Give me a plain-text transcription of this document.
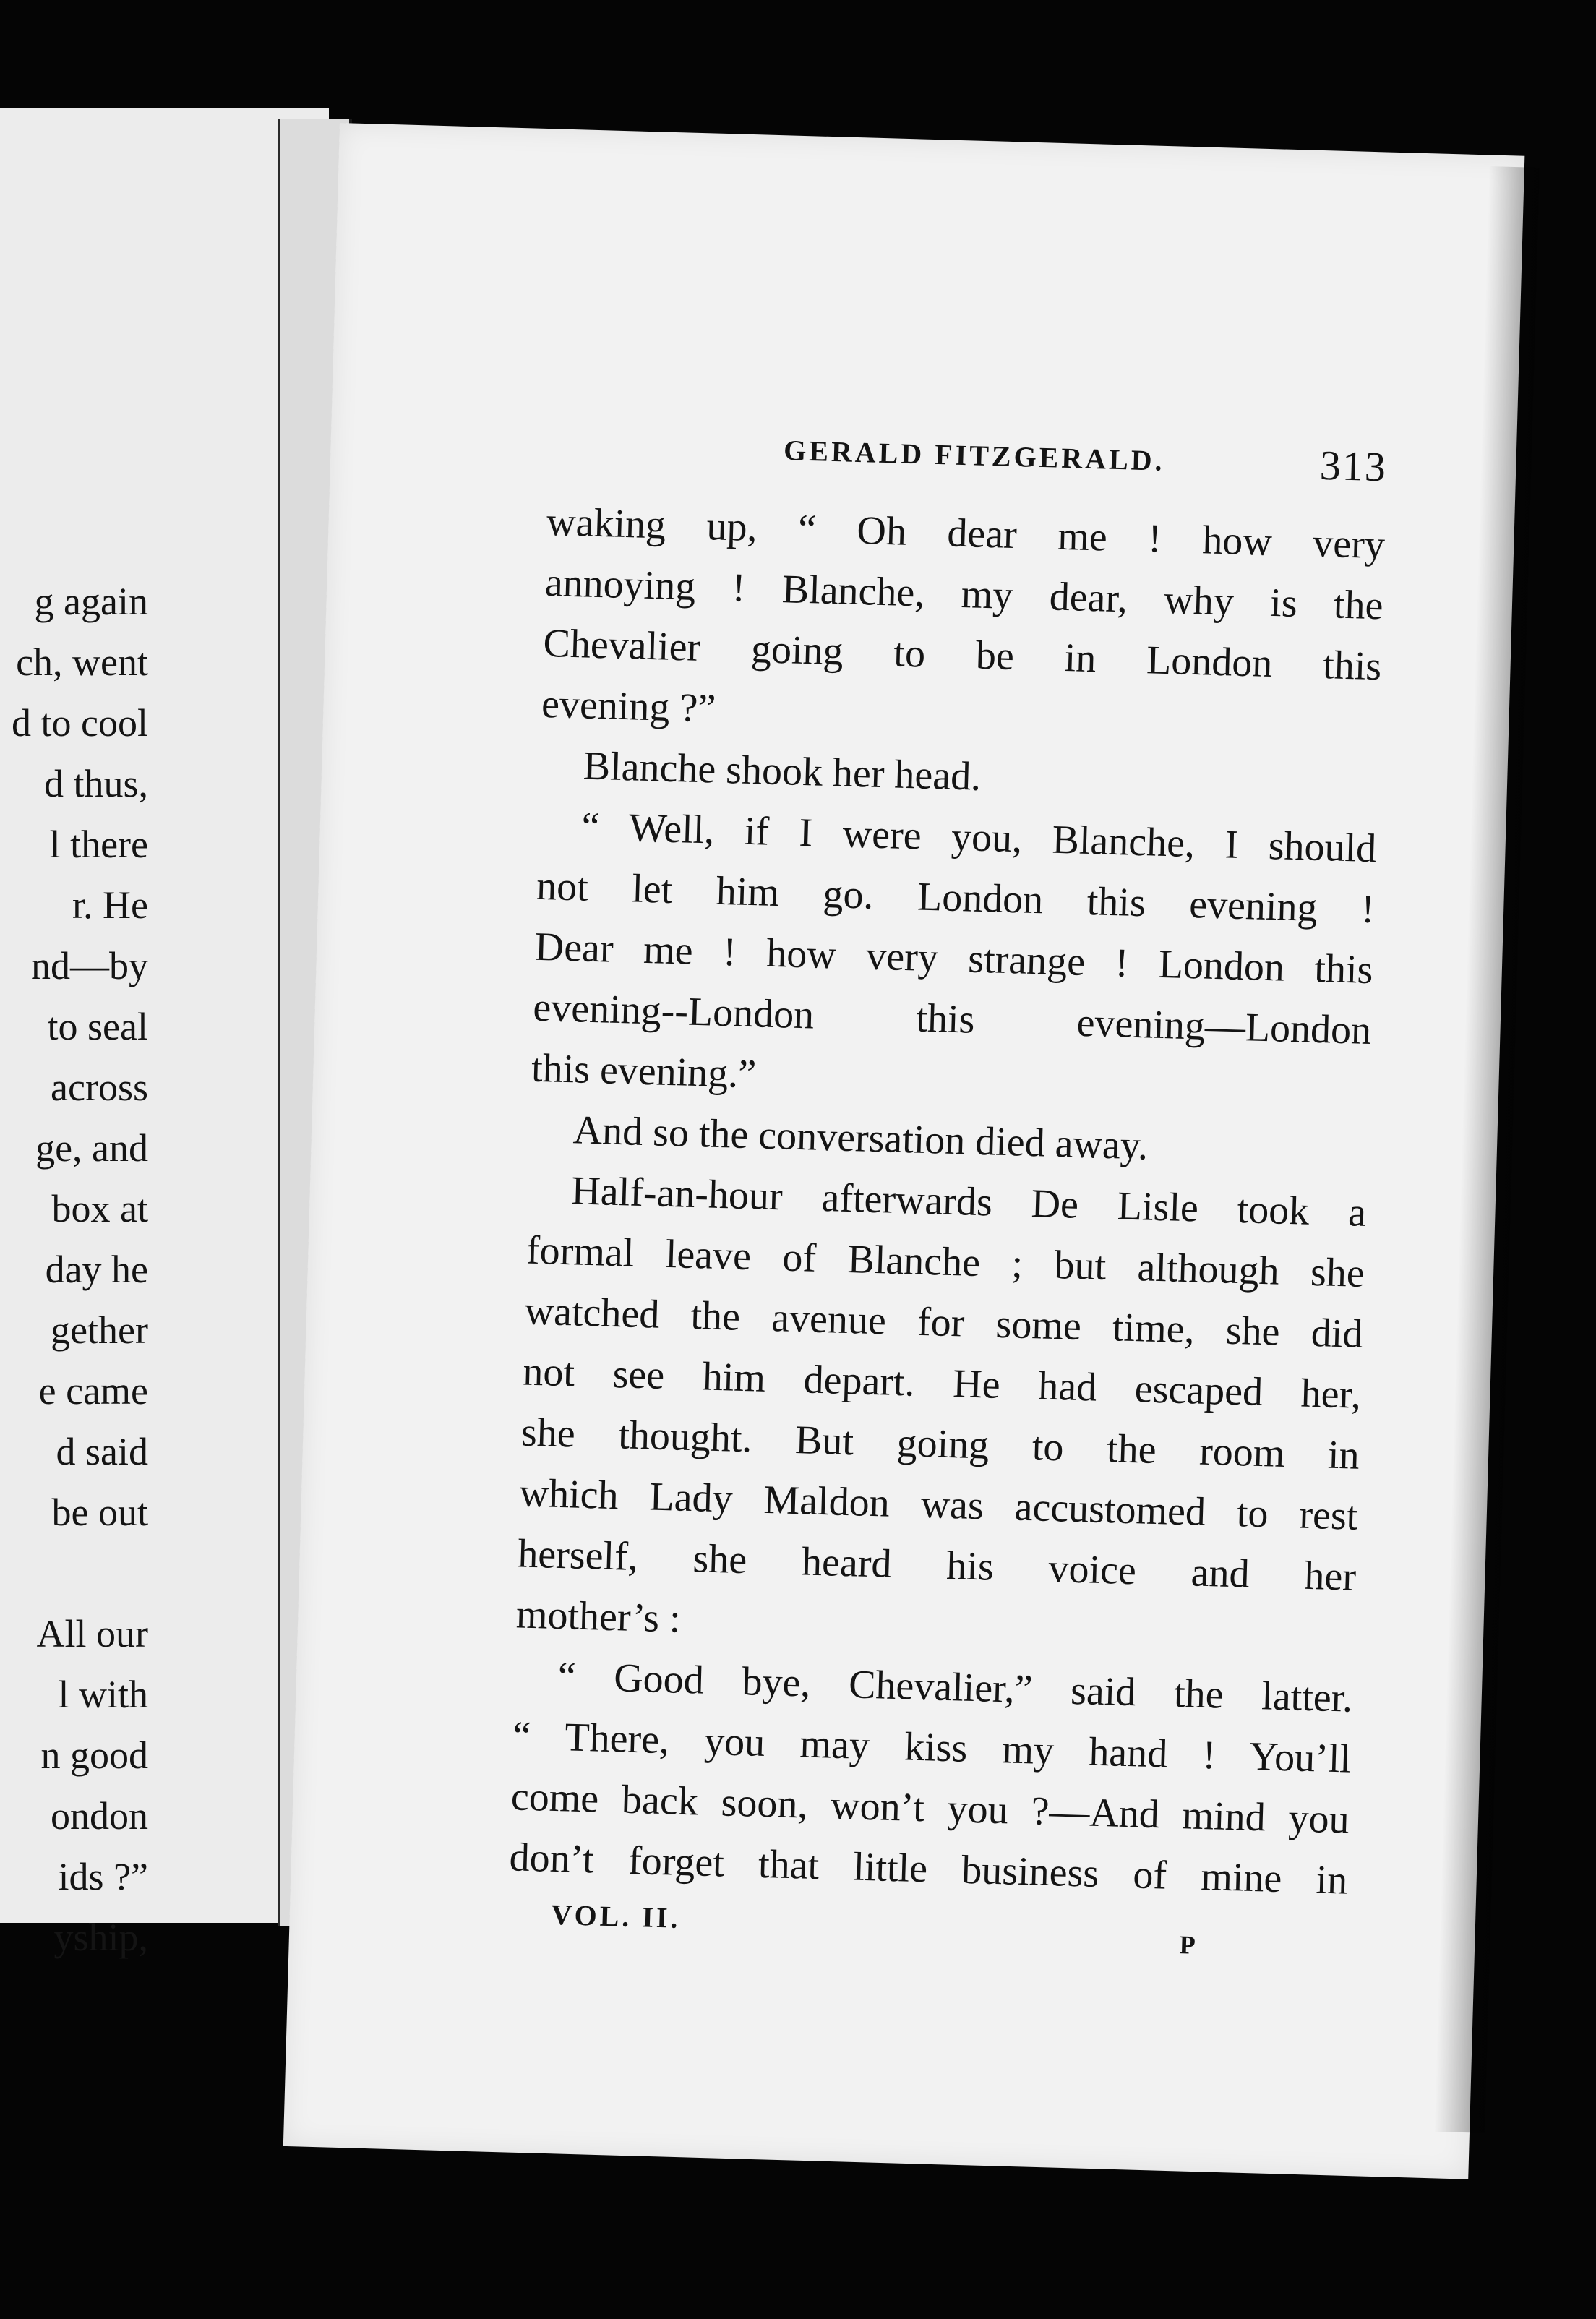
g again
ch, went
d to cool
d thus,
l there
r. He
nd—by
to seal
across
ge, and
box at
day he
gether
e came
d said
be out
All our
l with
n good
ondon
ids ?”
yship,
GERALD FITZGERALD.	313
waking up, “ Oh dear me ! how very
annoying ! Blanche, my dear, why is the
Chevalier going to be in London this
evening ?”
Blanche shook her head.
“ Well, if I were you, Blanche, I should
not let him go. London this evening !
Dear me ! how very strange ! London this
evening--London this evening—London
this evening.”
And so the conversation died away.
Half-an-hour afterwards De Lisle took a
formal leave of Blanche ; but although she
watched the avenue for some time, she did
not see him depart. He had escaped her,
she thought. But going to the room in
which Lady Maldon was accustomed to rest
herself, she heard his voice and her
mother’s :
“ Good bye, Chevalier,” said the latter.
“ There, you may kiss my hand ! You’ll
come back soon, won’t you ?—And mind you
don’t forget that little business of mine in
VOL. II.
P
